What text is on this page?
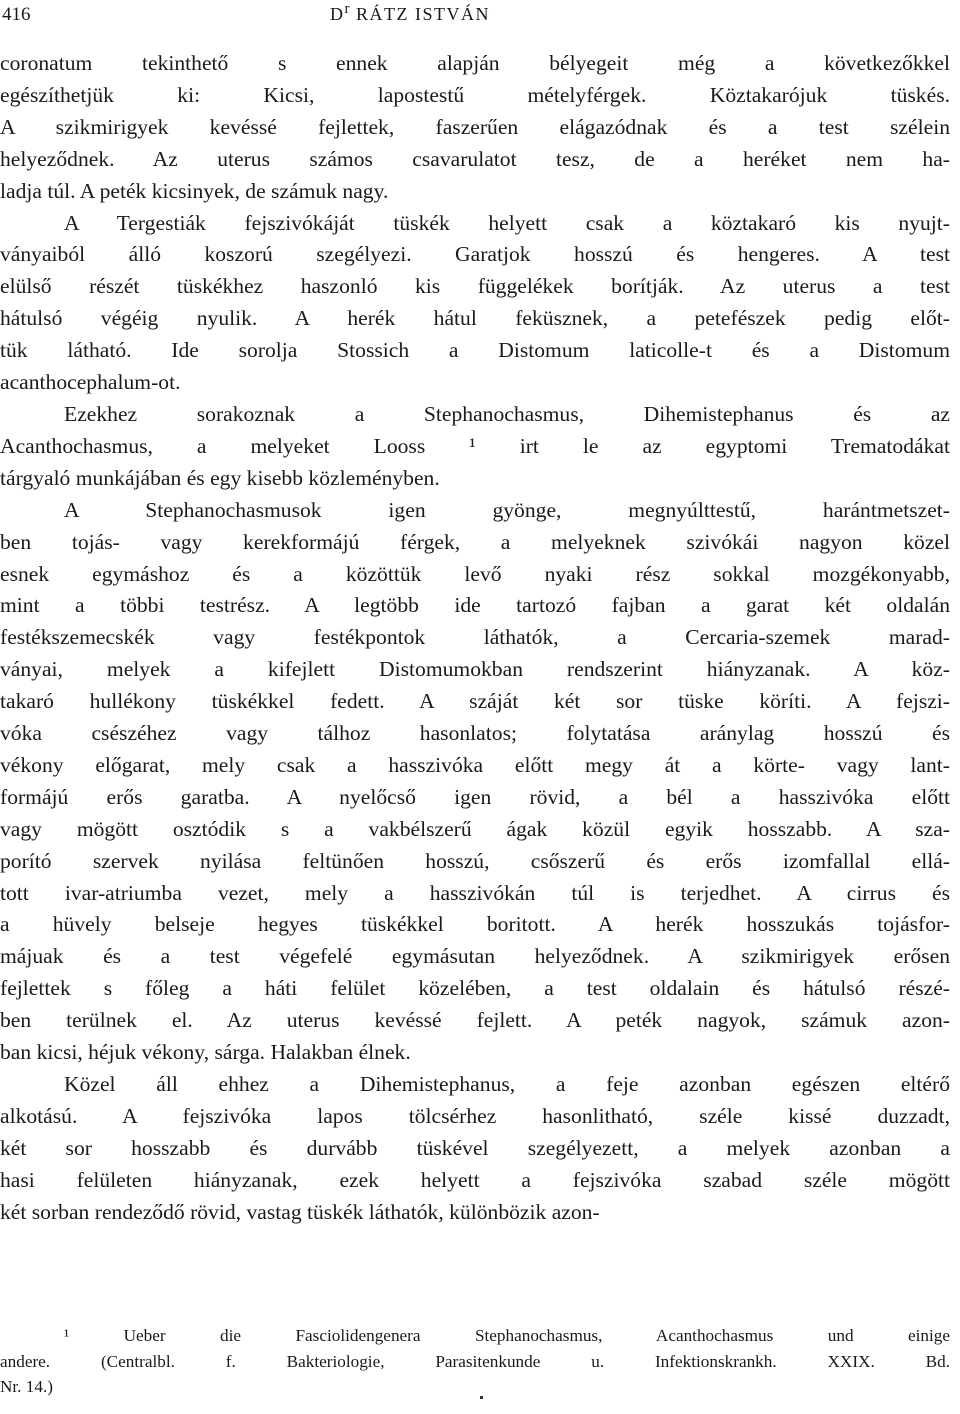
416	$D^r$ RÁTZ ISTVÁN

coronatum tekinthető s ennek alapján bélyegeit még a következőkkel
egészíthetjük ki: Kicsi, lapostestű mételyférgek. Köztakarójuk tüskés.
A szikmirigyek kevéssé fejlettek, faszerűen elágazódnak és a test szélein
helyeződnek. Az uterus számos csavarulatot tesz, de a heréket nem ha-
ladja túl. A peték kicsinyek, de számuk nagy.

A Tergestiák fejszivókáját tüskék helyett csak a köztakaró kis nyujt-
ványaiból álló koszorú szegélyezi. Garatjok hosszú és hengeres. A test
elülső részét tüskékhez haszonló kis függelékek borítják. Az uterus a test
hátulsó végéig nyulik. A herék hátul feküsznek, a petefészek pedig előt-
tük látható. Ide sorolja Stossich a Distomum laticolle-t és a Distomum
acanthocephalum-ot.

Ezekhez sorakoznak a Stephanochasmus, Dihemistephanus és az
Acanthochasmus, a melyeket Looss ¹ irt le az egyptomi Trematodákat
tárgyaló munkájában és egy kisebb közleményben.

A Stephanochasmusok igen gyönge, megnyúlttestű, harántmetszet-
ben tojás- vagy kerekformájú férgek, a melyeknek szivókái nagyon közel
esnek egymáshoz és a közöttük levő nyaki rész sokkal mozgékonyabb,
mint a többi testrész. A legtöbb ide tartozó fajban a garat két oldalán
festékszemecskék vagy festékpontok láthatók, a Cercaria-szemek marad-
ványai, melyek a kifejlett Distomumokban rendszerint hiányzanak. A köz-
takaró hullékony tüskékkel fedett. A száját két sor tüske köríti. A fejszi-
vóka csészéhez vagy tálhoz hasonlatos; folytatása aránylag hosszú és
vékony előgarat, mely csak a hasszivóka előtt megy át a körte- vagy lant-
formájú erős garatba. A nyelőcső igen rövid, a bél a hasszivóka előtt
vagy mögött osztódik s a vakbélszerű ágak közül egyik hosszabb. A sza-
porító szervek nyilása feltünően hosszú, csőszerű és erős izomfallal ellá-
tott ivar-atriumba vezet, mely a hasszivókán túl is terjedhet. A cirrus és
a hüvely belseje hegyes tüskékkel boritott. A herék hosszukás tojásfor-
májuak és a test végefelé egymásutan helyeződnek. A szikmirigyek erősen
fejlettek s főleg a háti felület közelében, a test oldalain és hátulsó részé-
ben terülnek el. Az uterus kevéssé fejlett. A peték nagyok, számuk azon-
ban kicsi, héjuk vékony, sárga. Halakban élnek.

Közel áll ehhez a Dihemistephanus, a feje azonban egészen eltérő
alkotású. A fejszivóka lapos tölcsérhez hasonlitható, széle kissé duzzadt,
két sor hosszabb és durvább tüskével szegélyezett, a melyek azonban a
hasi felületen hiányzanak, ezek helyett a fejszivóka szabad széle mögött
két sorban rendeződő rövid, vastag tüskék láthatók, különbözik azon-

¹ Ueber die Fasciolidengenera Stephanochasmus, Acanthochasmus und einige
andere. (Centralbl. f. Bakteriologie, Parasitenkunde u. Infektionskrankh. XXIX. Bd.
Nr. 14.)
